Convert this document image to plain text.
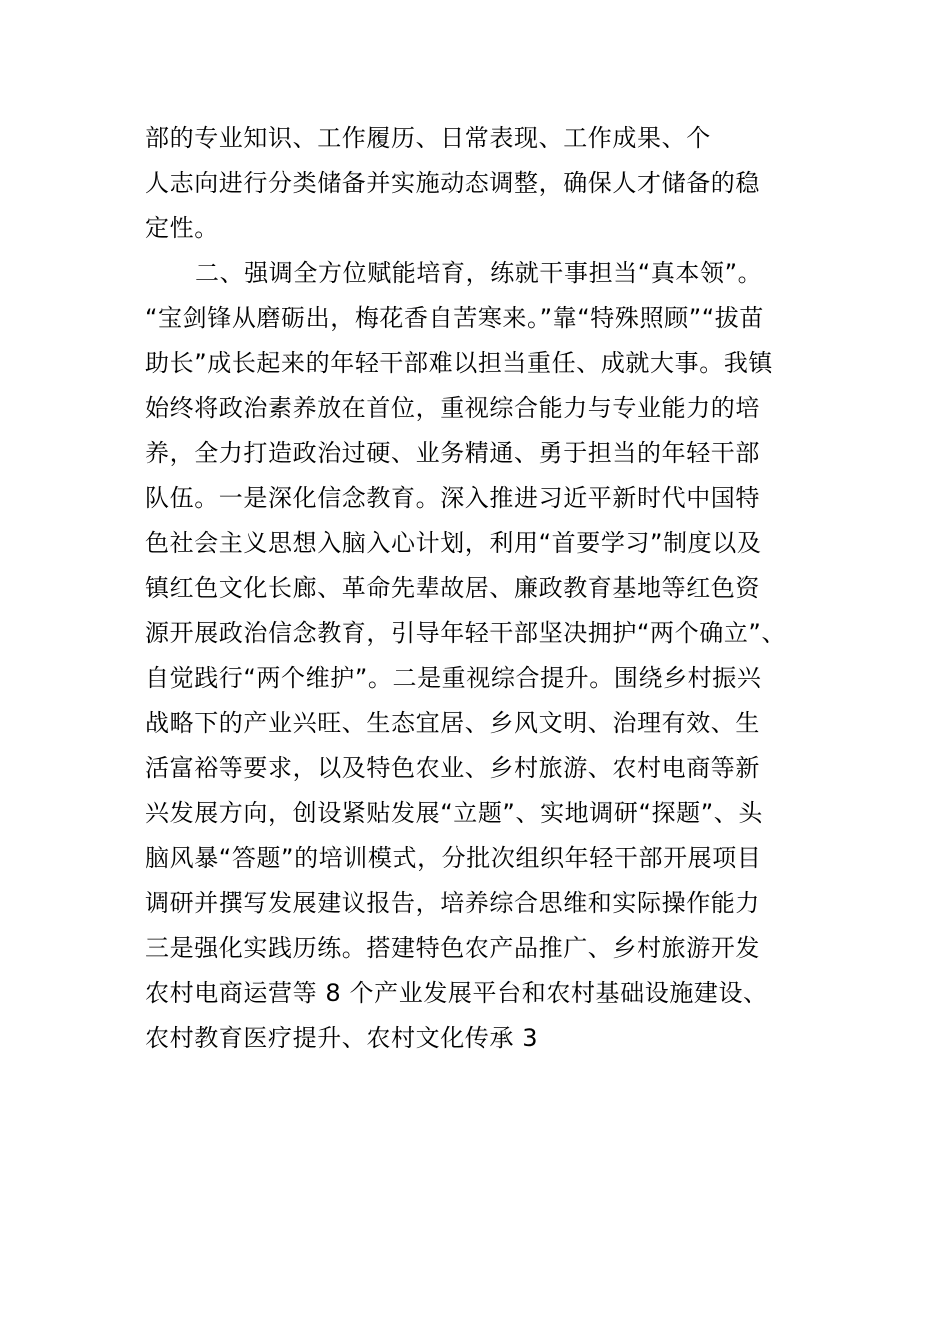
部的专业知识、工作履历、日常表现、工作成果、个
人志向进行分类储备并实施动态调整，确保人才储备的稳
定性。
二、强调全方位赋能培育，练就干事担当“真本领”。
“宝剑锋从磨砺出，梅花香自苦寒来。”靠“特殊照顾”“拔苗
助长”成长起来的年轻干部难以担当重任、成就大事。我镇
始终将政治素养放在首位，重视综合能力与专业能力的培
养，全力打造政治过硬、业务精通、勇于担当的年轻干部
队伍。一是深化信念教育。深入推进习近平新时代中国特
色社会主义思想入脑入心计划，利用“首要学习”制度以及
镇红色文化长廊、革命先辈故居、廉政教育基地等红色资
源开展政治信念教育，引导年轻干部坚决拥护“两个确立”、
自觉践行“两个维护”。二是重视综合提升。围绕乡村振兴
战略下的产业兴旺、生态宜居、乡风文明、治理有效、生
活富裕等要求，以及特色农业、乡村旅游、农村电商等新
兴发展方向，创设紧贴发展“立题”、实地调研“探题”、头
脑风暴“答题”的培训模式，分批次组织年轻干部开展项目
调研并撰写发展建议报告，培养综合思维和实际操作能力
三是强化实践历练。搭建特色农产品推广、乡村旅游开发
农村电商运营等 8 个产业发展平台和农村基础设施建设、
农村教育医疗提升、农村文化传承 3
